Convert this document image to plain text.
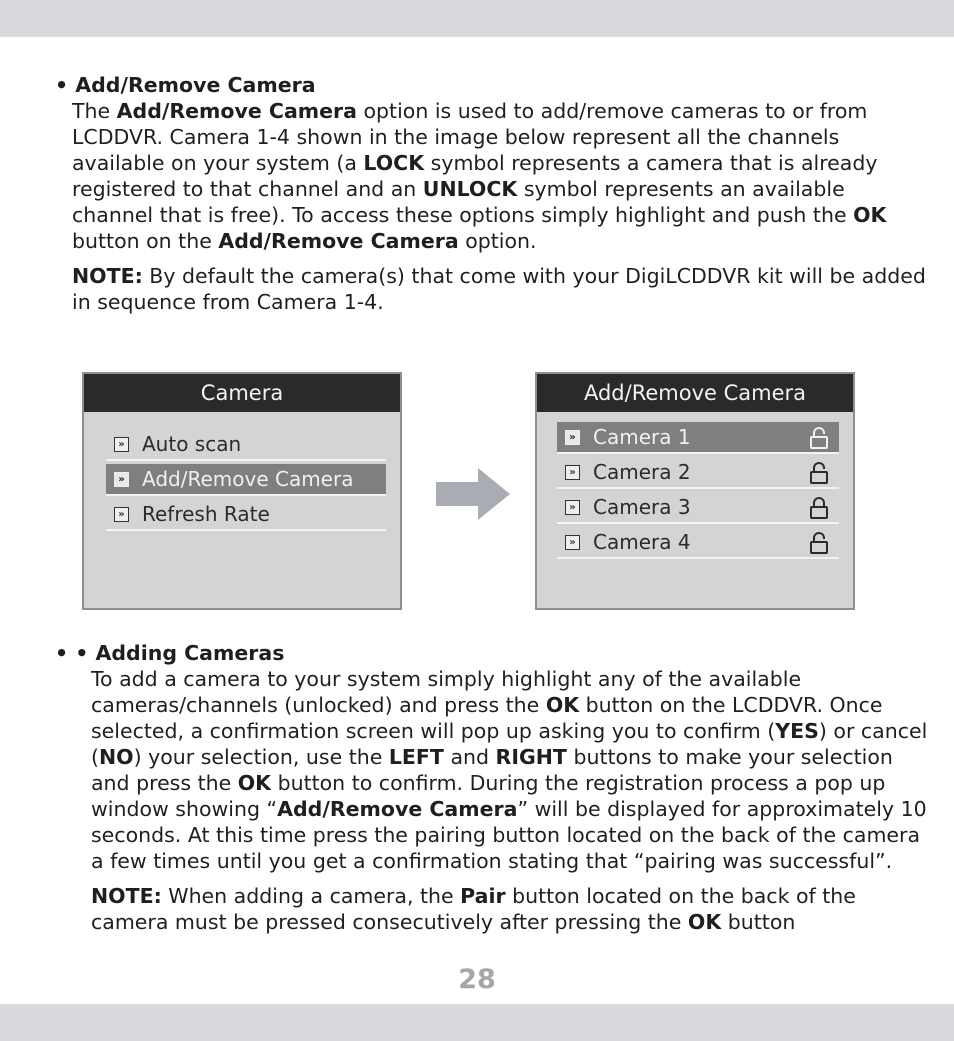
• Add/Remove Camera

The Add/Remove Camera option is used to add/remove cameras to or from LCDDVR. Camera 1-4 shown in the image below represent all the channels available on your system (a LOCK symbol represents a camera that is already registered to that channel and an UNLOCK symbol represents an available channel that is free). To access these options simply highlight and push the OK button on the Add/Remove Camera option.

NOTE: By default the camera(s) that come with your DigiLCDDVR kit will be added in sequence from Camera 1-4.

Camera
» Auto scan
» Add/Remove Camera
» Refresh Rate
Add/Remove Camera
» Camera 1
» Camera 2
» Camera 3
» Camera 4
• • Adding Cameras

To add a camera to your system simply highlight any of the available cameras/channels (unlocked) and press the OK button on the LCDDVR. Once selected, a confirmation screen will pop up asking you to confirm (YES) or cancel (NO) your selection, use the LEFT and RIGHT buttons to make your selection and press the OK button to confirm. During the registration process a pop up window showing “Add/Remove Camera” will be displayed for approximately 10 seconds. At this time press the pairing button located on the back of the camera a few times until you get a confirmation stating that “pairing was successful”.

NOTE: When adding a camera, the Pair button located on the back of the camera must be pressed consecutively after pressing the OK button

28
